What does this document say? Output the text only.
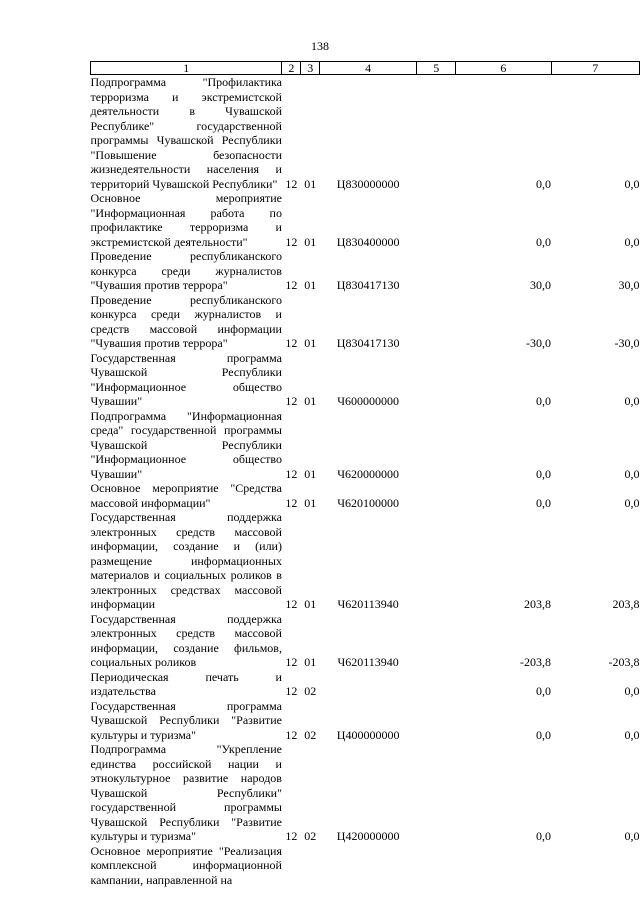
138
1	2	3	4	5	6	7
Подпрограмма "Профилактика терроризма и экстремистской деятельности в Чувашской Республике" государственной программы Чувашской Республики "Повышение безопасности жизнедеятельности населения и территорий Чувашской Республики"	12	01	Ц830000000		0,0	0,0
Основное мероприятие "Информационная работа по профилактике терроризма и экстремистской деятельности"	12	01	Ц830400000		0,0	0,0
Проведение республиканского конкурса среди журналистов "Чувашия против террора"	12	01	Ц830417130		30,0	30,0
Проведение республиканского конкурса среди журналистов и средств массовой информации "Чувашия против террора"	12	01	Ц830417130		-30,0	-30,0
Государственная программа Чувашской Республики "Информационное общество Чувашии"	12	01	Ч600000000		0,0	0,0
Подпрограмма "Информационная среда" государственной программы Чувашской Республики "Информационное общество Чувашии"	12	01	Ч620000000		0,0	0,0
Основное мероприятие "Средства массовой информации"	12	01	Ч620100000		0,0	0,0
Государственная поддержка электронных средств массовой информации, создание и (или) размещение информационных материалов и социальных роликов в электронных средствах массовой информации	12	01	Ч620113940		203,8	203,8
Государственная поддержка электронных средств массовой информации, создание фильмов, социальных роликов	12	01	Ч620113940		-203,8	-203,8
Периодическая печать и издательства	12	02			0,0	0,0
Государственная программа Чувашской Республики "Развитие культуры и туризма"	12	02	Ц400000000		0,0	0,0
Подпрограмма "Укрепление единства российской нации и этнокультурное развитие народов Чувашской Республики" государственной программы Чувашской Республики "Развитие культуры и туризма"	12	02	Ц420000000		0,0	0,0
Основное мероприятие "Реализация комплексной информационной кампании, направленной на						
